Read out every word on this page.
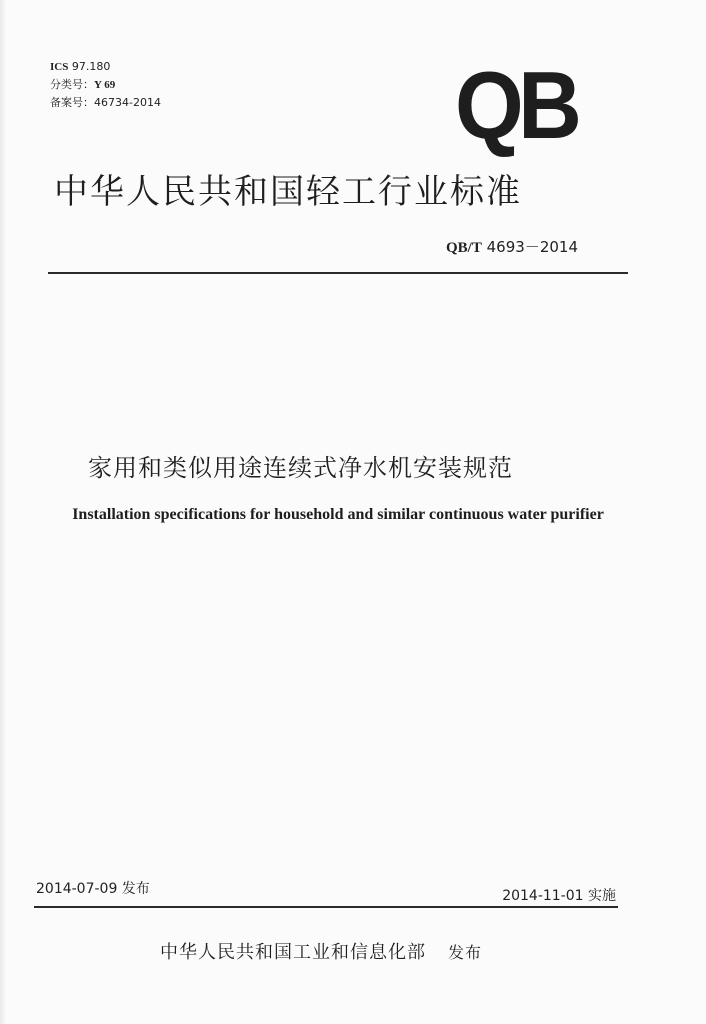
ICS 97.180
分类号：Y 69
备案号：46734-2014	QB
中华人民共和国轻工行业标准
QB/T 4693－2014
家用和类似用途连续式净水机安装规范
Installation specifications for household and similar continuous water purifier
2014-07-09 发布	2014-11-01 实施
中华人民共和国工业和信息化部 发布
